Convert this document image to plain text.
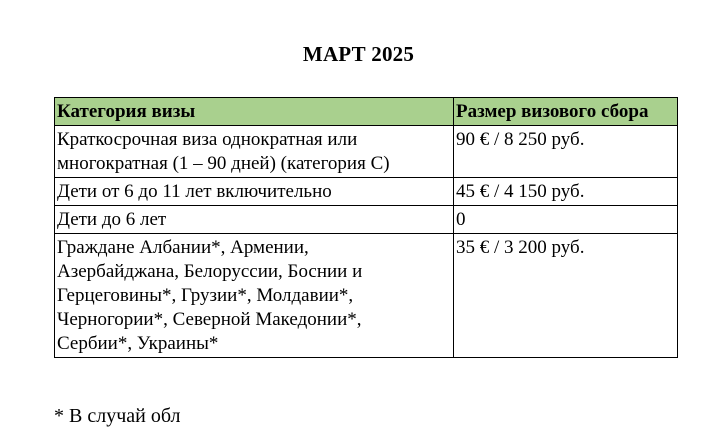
МАРТ 2025
Категория визы	Размер визового сбора
Краткосрочная виза однократная или
многократная (1 – 90 дней) (категория С)	90 € / 8 250 руб.
Дети от 6 до 11 лет включительно	45 € / 4 150 руб.
Дети до 6 лет	0
Граждане Албании*, Армении,
Азербайджана, Белоруссии, Боснии и
Герцеговины*, Грузии*, Молдавии*,
Черногории*, Северной Македонии*,
Сербии*, Украины*	35 € / 3 200 руб.
* В случай обл
